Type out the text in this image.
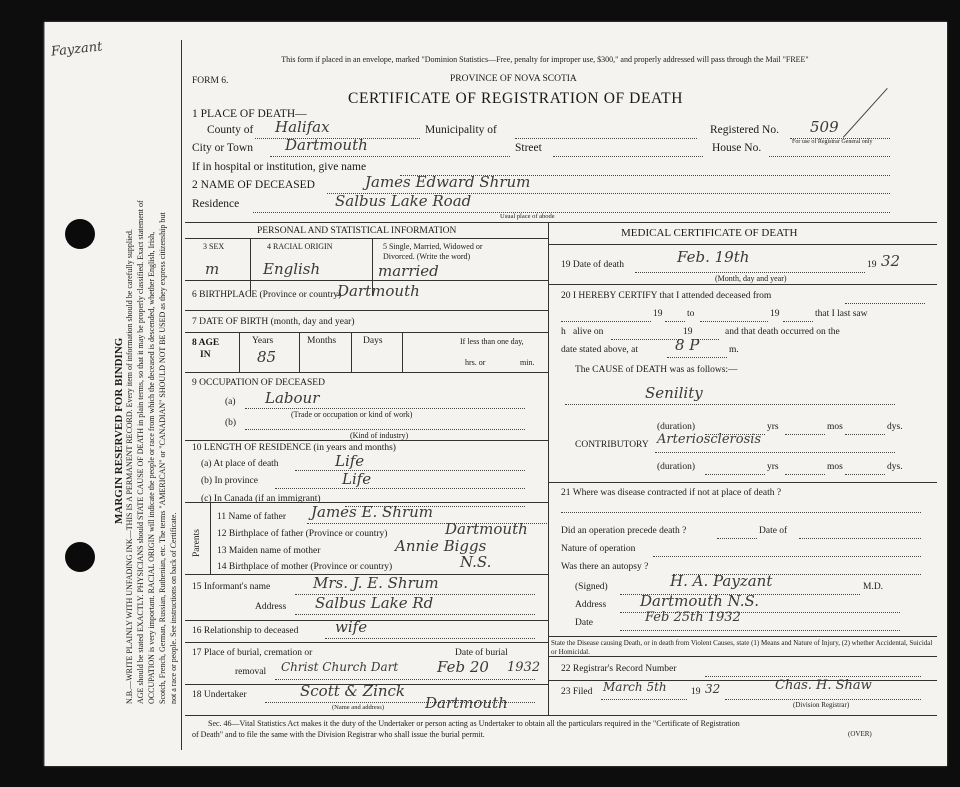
Fayzant
MARGIN RESERVED FOR BINDING N.B.—WRITE PLAINLY WITH UNFADING INK—THIS IS A PERMANENT RECORD. Every item of information should be carefully supplied. AGE should be stated EXACTLY. PHYSICIANS should STATE CAUSE OF DEATH in plain terms, so that it may be properly classified. Exact statement of OCCUPATION is very important. RACIAL ORIGIN will indicate the people or race from which the deceased is descended, whether English, Irish, Scotch, French, German, Russian, Ruthenian, etc. The terms "AMERICAN" or "CANADIAN" SHOULD NOT BE USED as they express citizenship but not a race or people. See instructions on back of Certificate.
This form if placed in an envelope, marked "Dominion Statistics—Free, penalty for improper use, $300," and properly addressed will pass through the Mail "FREE"
FORM 6.	PROVINCE OF NOVA SCOTIA
CERTIFICATE OF REGISTRATION OF DEATH
1 PLACE OF DEATH—
County of Halifax	Municipality of	Registered No. 509
For use of Registrar General only
City or Town Dartmouth	Street	House No.
If in hospital or institution, give name
2 NAME OF DECEASED	James Edward Shrum
Residence	Salbus Lake Road
Usual place of abode
PERSONAL AND STATISTICAL INFORMATION
3 SEX	4 RACIAL ORIGIN	5 Single, Married, Widowed or
Divorced. (Write the word)
m	English	married
6 BIRTHPLACE (Province or country)
Dartmouth
7 DATE OF BIRTH (month, day and year)
8 AGE
IN
Years
85
Months	Days	If less than one day,
hrs. or	min.
9 OCCUPATION OF DECEASED
(a) Labour
(Trade or occupation or kind of work)
(b)
(Kind of industry)
10 LENGTH OF RESIDENCE (in years and months)
(a) At place of death	Life
(b) In province	Life
(c) In Canada (if an immigrant)
Parents
11 Name of father James E. Shrum
12 Birthplace of father (Province or country)	Dartmouth
13 Maiden name of mother	Annie Biggs
14 Birthplace of mother (Province or country)	N.S.
15 Informant's name	Mrs. J. E. Shrum
Address Salbus Lake Rd
16 Relationship to deceased wife
17 Place of burial, cremation or
removal Christ Church Dart
Date of burial
Feb 20 1932
18 Undertaker	Scott & Zinck
Dartmouth
(Name and address)
MEDICAL CERTIFICATE OF DEATH
19 Date of death	Feb. 19th
(Month, day and year)
19 32
20 I HEREBY CERTIFY that I attended deceased from
19	to	19	that I last saw
h alive on	19	and that death occurred on the
date stated above, at 8 P	m.
The CAUSE of DEATH was as follows:—
Senility
(duration)	yrs	mos	dys.
CONTRIBUTORY Arteriosclerosis
(duration)	yrs	mos	dys.
21 Where was disease contracted if not at place of death ?
Did an operation precede death ?	Date of
Nature of operation
Was there an autopsy ?
(Signed)	H. A. Payzant	M.D.
Address Dartmouth N.S.
Date	Feb 25th 1932
State the Disease causing Death, or in death from Violent Causes, state (1) Means and Nature of Injury, (2) whether Accidental, Suicidal or Homicidal.
22 Registrar's Record Number
23 Filed March 5th	19 32	Chas. H. Shaw
(Division Registrar)
Sec. 46—Vital Statistics Act makes it the duty of the Undertaker or person acting as Undertaker to obtain all the particulars required in the "Certificate of Registration
of Death" and to file the same with the Division Registrar who shall issue the burial permit.	(OVER)
